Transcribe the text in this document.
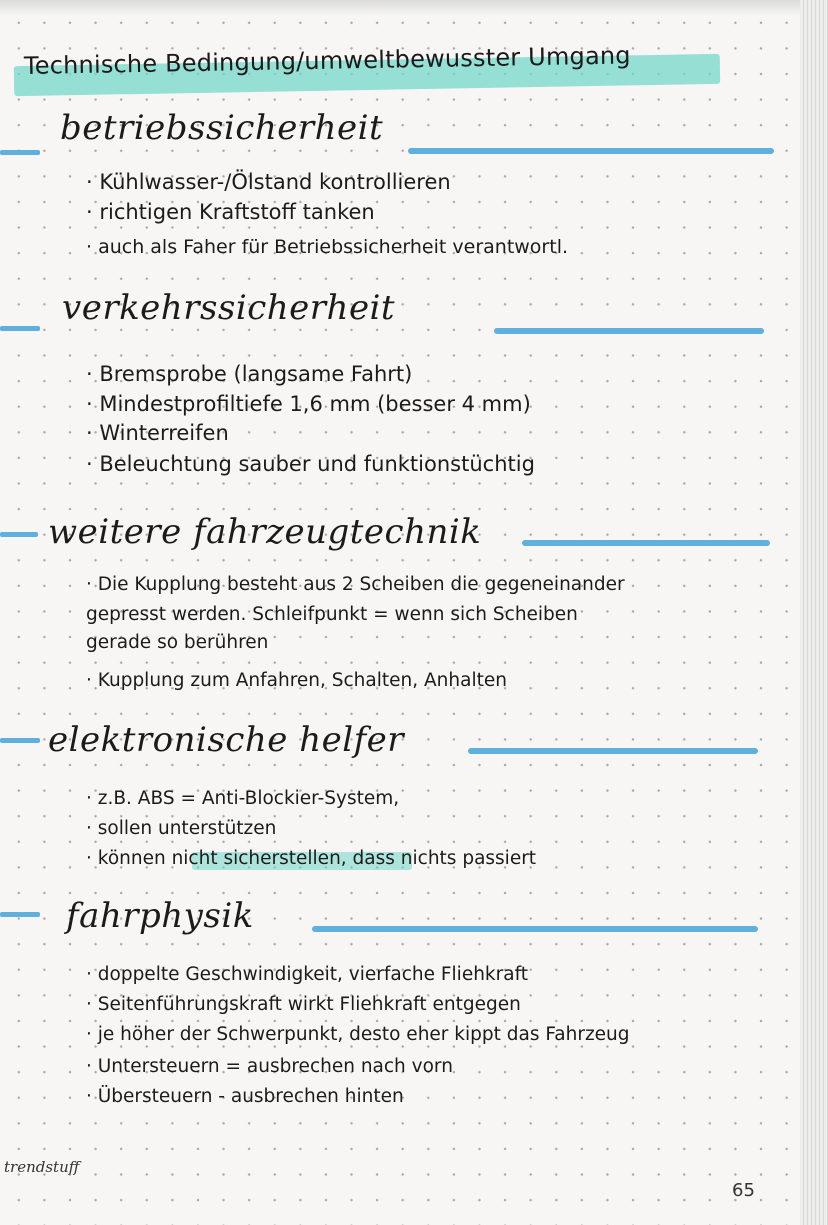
Technische Bedingung/umweltbewusster Umgang
betriebssicherheit
· Kühlwasser-/Ölstand kontrollieren
· richtigen Kraftstoff tanken
· auch als Faher für Betriebssicherheit verantwortl.
verkehrssicherheit
· Bremsprobe (langsame Fahrt)
· Mindestprofiltiefe 1,6 mm (besser 4 mm)
· Winterreifen
· Beleuchtung sauber und funktionstüchtig
weitere fahrzeugtechnik
· Die Kupplung besteht aus 2 Scheiben die gegeneinander
gepresst werden. Schleifpunkt = wenn sich Scheiben
gerade so berühren
· Kupplung zum Anfahren, Schalten, Anhalten
elektronische helfer
· z.B. ABS = Anti-Blockier-System,
· sollen unterstützen
· können nicht sicherstellen, dass nichts passiert
fahrphysik
· doppelte Geschwindigkeit, vierfache Fliehkraft
· Seitenführungskraft wirkt Fliehkraft entgegen
· je höher der Schwerpunkt, desto eher kippt das Fahrzeug
· Untersteuern = ausbrechen nach vorn
· Übersteuern - ausbrechen hinten
trendstuff
65
